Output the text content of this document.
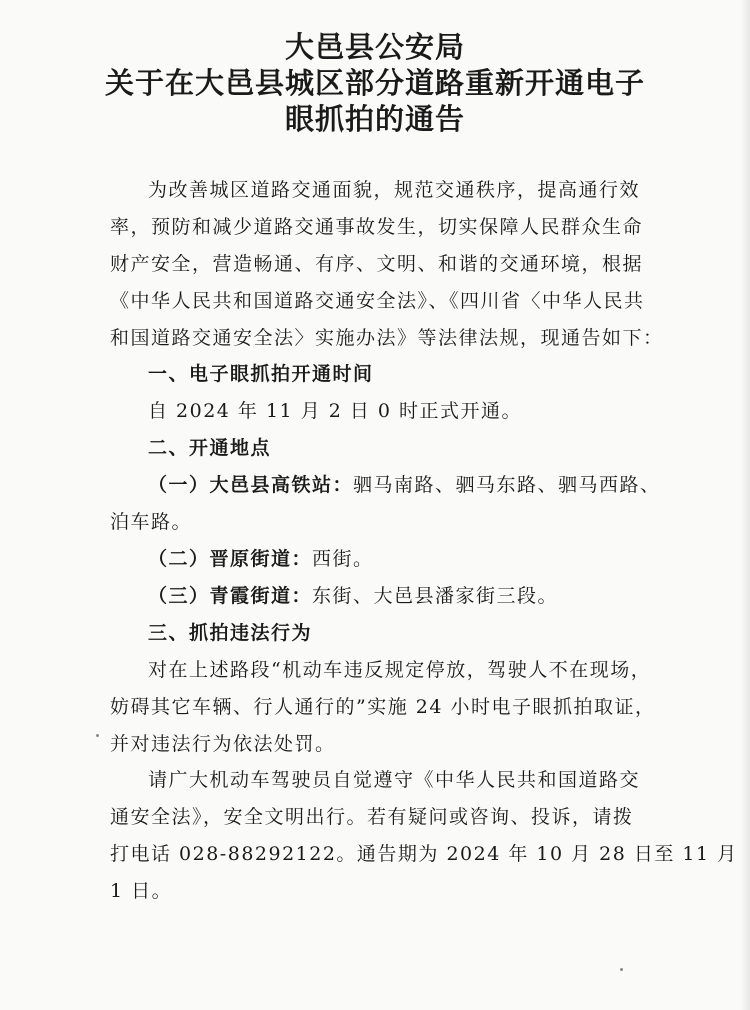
大邑县公安局
关于在大邑县城区部分道路重新开通电子
眼抓拍的通告
为改善城区道路交通面貌，规范交通秩序，提高通行效
率，预防和减少道路交通事故发生，切实保障人民群众生命
财产安全，营造畅通、有序、文明、和谐的交通环境，根据
《中华人民共和国道路交通安全法》、《四川省〈中华人民共
和国道路交通安全法〉实施办法》等法律法规，现通告如下：
一、电子眼抓拍开通时间
自 2024 年 11 月 2 日 0 时正式开通。
二、开通地点
（一）大邑县高铁站：驷马南路、驷马东路、驷马西路、
泊车路。
（二）晋原街道：西街。
（三）青霞街道：东街、大邑县潘家街三段。
三、抓拍违法行为
对在上述路段“机动车违反规定停放，驾驶人不在现场，
妨碍其它车辆、行人通行的”实施 24 小时电子眼抓拍取证，
并对违法行为依法处罚。
请广大机动车驾驶员自觉遵守《中华人民共和国道路交
通安全法》，安全文明出行。若有疑问或咨询、投诉，请拨
打电话 028-88292122。通告期为 2024 年 10 月 28 日至 11 月
1 日。
